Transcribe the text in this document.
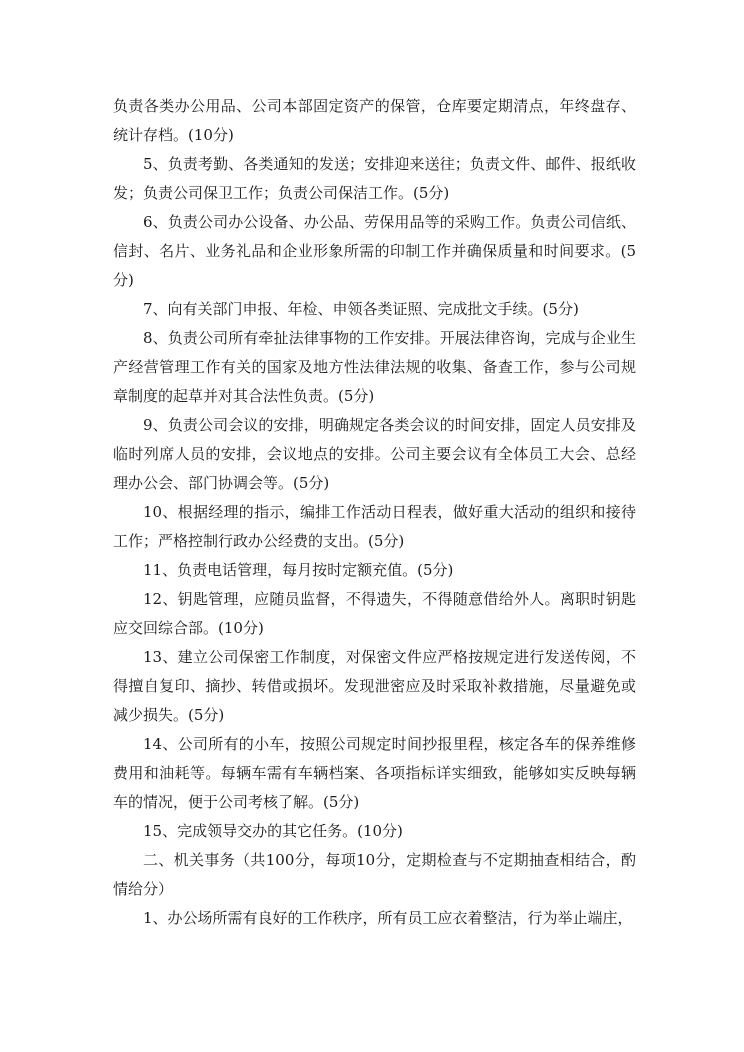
负责各类办公用品、公司本部固定资产的保管，仓库要定期清点，年终盘存、统计存档。(10分)

5、负责考勤、各类通知的发送；安排迎来送往；负责文件、邮件、报纸收发；负责公司保卫工作；负责公司保洁工作。(5分)

6、负责公司办公设备、办公品、劳保用品等的采购工作。负责公司信纸、信封、名片、业务礼品和企业形象所需的印制工作并确保质量和时间要求。(5分)

7、向有关部门申报、年检、申领各类证照、完成批文手续。(5分)

8、负责公司所有牵扯法律事物的工作安排。开展法律咨询，完成与企业生产经营管理工作有关的国家及地方性法律法规的收集、备查工作，参与公司规章制度的起草并对其合法性负责。(5分)

9、负责公司会议的安排，明确规定各类会议的时间安排，固定人员安排及临时列席人员的安排，会议地点的安排。公司主要会议有全体员工大会、总经理办公会、部门协调会等。(5分)

10、根据经理的指示，编排工作活动日程表，做好重大活动的组织和接待工作；严格控制行政办公经费的支出。(5分)

11、负责电话管理，每月按时定额充值。(5分)

12、钥匙管理，应随员监督，不得遗失，不得随意借给外人。离职时钥匙应交回综合部。(10分)

13、建立公司保密工作制度，对保密文件应严格按规定进行发送传阅，不得擅自复印、摘抄、转借或损坏。发现泄密应及时采取补救措施，尽量避免或减少损失。(5分)

14、公司所有的小车，按照公司规定时间抄报里程，核定各车的保养维修费用和油耗等。每辆车需有车辆档案、各项指标详实细致，能够如实反映每辆车的情况，便于公司考核了解。(5分)

15、完成领导交办的其它任务。(10分)

二、机关事务（共100分，每项10分，定期检查与不定期抽查相结合，酌情给分）

1、办公场所需有良好的工作秩序，所有员工应衣着整洁，行为举止端庄，
